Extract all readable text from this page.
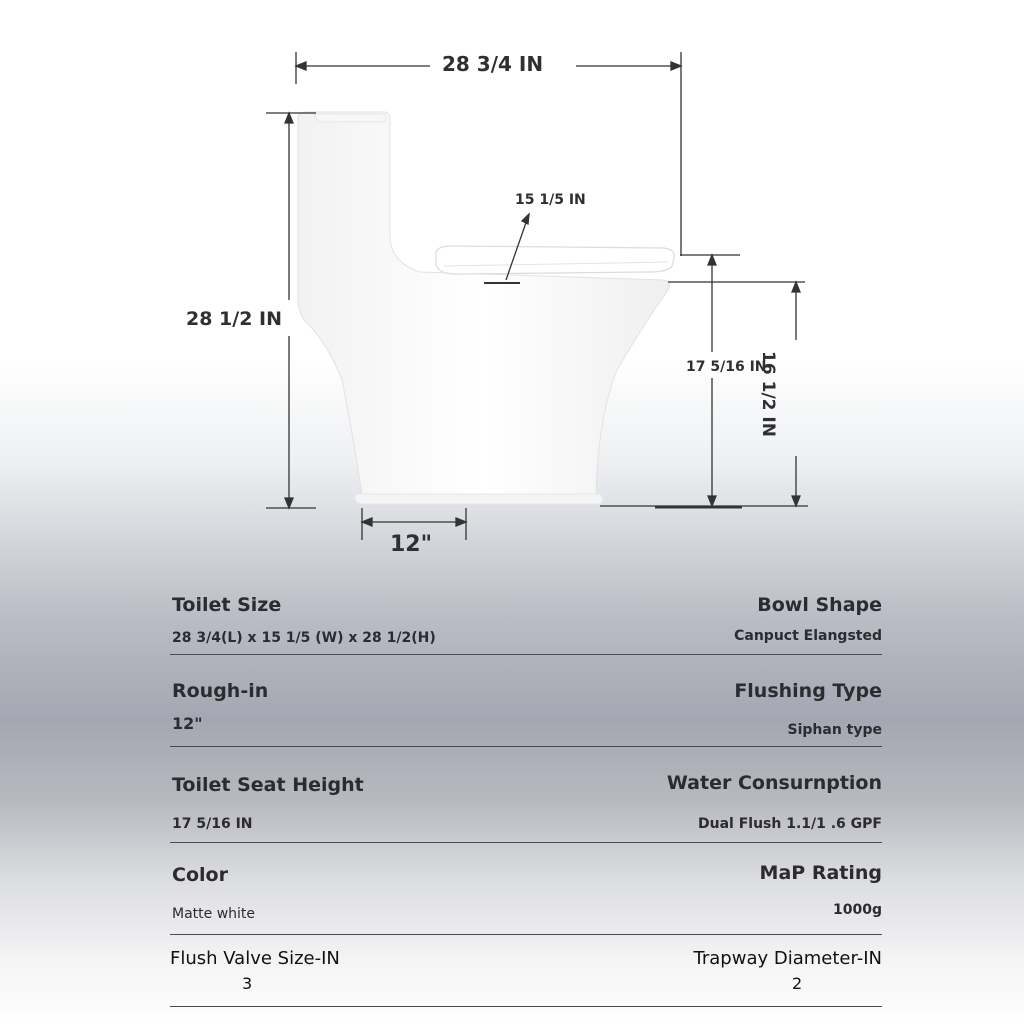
28 3/4 IN
15 1/5 IN
28 1/2 IN
17 5/16 IN
16 1/2 IN
12"
Toilet Size
28 3/4(L) x 15 1/5 (W) x 28 1/2(H)
Bowl Shape
Canpuct Elangsted
Rough-in
12"
Flushing Type
Siphan type
Toilet Seat Height
17 5/16 IN
Water Consurnption
Dual Flush 1.1/1 .6 GPF
Color
Matte white
MaP Rating
1000g
Flush Valve Size-IN
3
Trapway Diameter-IN
2
